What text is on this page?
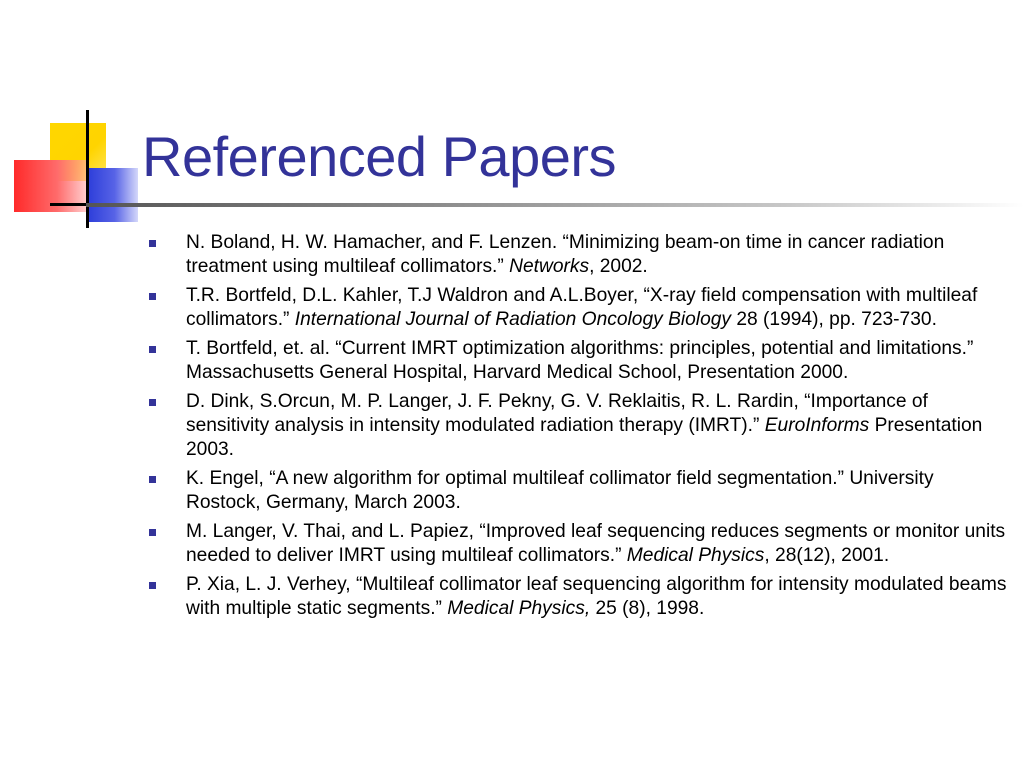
Referenced Papers
N. Boland, H. W. Hamacher, and F. Lenzen. “Minimizing beam-on time in cancer radiation treatment using multileaf collimators.” Networks, 2002.
T.R. Bortfeld, D.L. Kahler, T.J Waldron and A.L.Boyer, “X-ray field compensation with multileaf collimators.” International Journal of Radiation Oncology Biology 28 (1994), pp. 723-730.
T. Bortfeld, et. al. “Current IMRT optimization algorithms: principles, potential and limitations.” Massachusetts General Hospital, Harvard Medical School, Presentation 2000.
D. Dink, S.Orcun, M. P. Langer, J. F. Pekny, G. V. Reklaitis, R. L. Rardin, “Importance of sensitivity analysis in intensity modulated radiation therapy (IMRT).” EuroInforms Presentation 2003.
K. Engel, “A new algorithm for optimal multileaf collimator field segmentation.” University Rostock, Germany, March 2003.
M. Langer, V. Thai, and L. Papiez, “Improved leaf sequencing reduces segments or monitor units needed to deliver IMRT using multileaf collimators.” Medical Physics, 28(12), 2001.
P. Xia, L. J. Verhey, “Multileaf collimator leaf sequencing algorithm for intensity modulated beams with multiple static segments.” Medical Physics, 25 (8), 1998.
